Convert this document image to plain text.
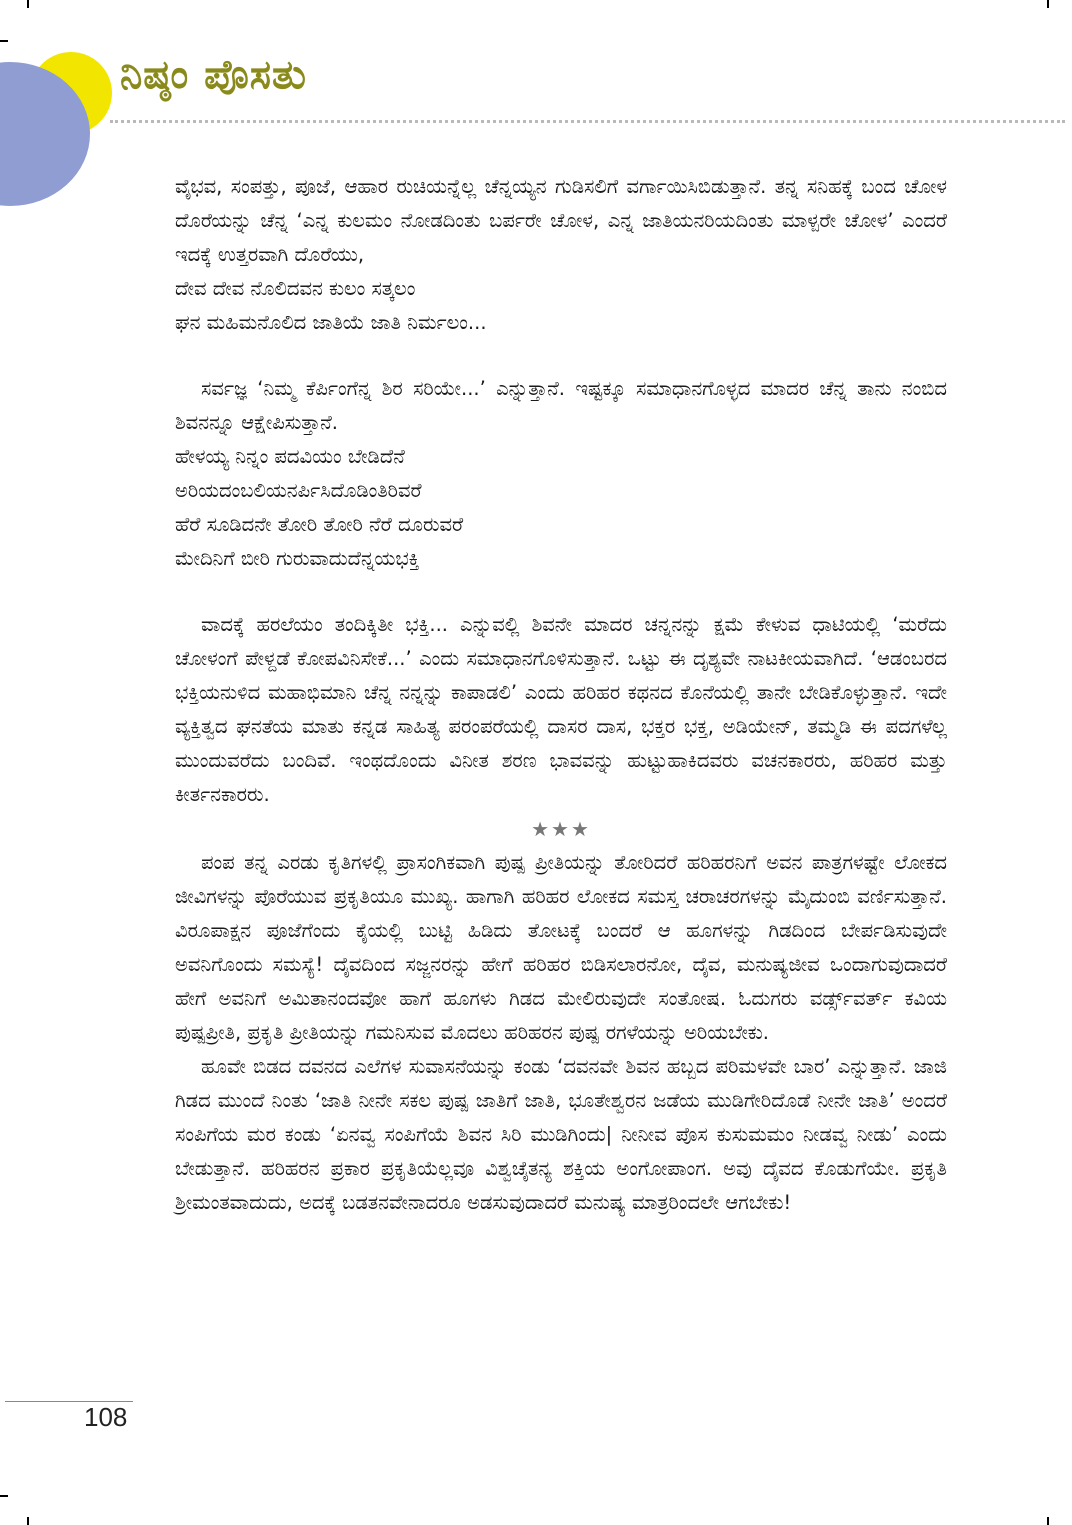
ನಿಷ್ಠಂ ಪೊಸತು

ವೈಭವ, ಸಂಪತ್ತು, ಪೂಜೆ, ಆಹಾರ ರುಚಿಯನ್ನೆಲ್ಲ ಚೆನ್ನಯ್ಯನ ಗುಡಿಸಲಿಗೆ ವರ್ಗಾಯಿಸಿಬಿಡುತ್ತಾನೆ. ತನ್ನ ಸನಿಹಕ್ಕೆ ಬಂದ ಚೋಳ ದೊರೆಯನ್ನು ಚೆನ್ನ ‘ಎನ್ನ ಕುಲಮಂ ನೋಡದಿಂತು ಬರ್ಪರೇ ಚೋಳ, ಎನ್ನ ಜಾತಿಯನರಿಯದಿಂತು ಮಾಳ್ಪರೇ ಚೋಳ’ ಎಂದರೆ ಇದಕ್ಕೆ ಉತ್ತರವಾಗಿ ದೊರೆಯು,

ದೇವ ದೇವ ನೊಲಿದವನ ಕುಲಂ ಸತ್ಕಲಂ

ಘನ ಮಹಿಮನೊಲಿದ ಜಾತಿಯೆ ಜಾತಿ ನಿರ್ಮಲಂ...

ಸರ್ವಜ್ಞ ‘ನಿಮ್ಮ ಕೆರ್ಪಿಂಗೆನ್ನ ಶಿರ ಸರಿಯೇ...’ ಎನ್ನುತ್ತಾನೆ. ಇಷ್ಟಕ್ಕೂ ಸಮಾಧಾನಗೊಳ್ಳದ ಮಾದರ ಚೆನ್ನ ತಾನು ನಂಬಿದ ಶಿವನನ್ನೂ ಆಕ್ಷೇಪಿಸುತ್ತಾನೆ.

ಹೇಳಯ್ಯ ನಿನ್ನಂ ಪದವಿಯಂ ಬೇಡಿದೆನೆ

ಅರಿಯದಂಬಲಿಯನರ್ಪಿಸಿದೊಡಿಂತಿರಿವರೆ

ಹೆರೆ ಸೂಡಿದನೇ ತೋರಿ ತೋರಿ ನೆರೆ ದೂರುವರೆ

ಮೇದಿನಿಗೆ ಬೀರಿ ಗುರುವಾದುದೆನ್ನಯಭಕ್ತಿ

ವಾದಕ್ಕೆ ಹರಲೆಯಂ ತಂದಿಕ್ಕಿತೀ ಭಕ್ತಿ... ಎನ್ನುವಲ್ಲಿ ಶಿವನೇ ಮಾದರ ಚನ್ನನನ್ನು ಕ್ಷಮೆ ಕೇಳುವ ಧಾಟಿಯಲ್ಲಿ ‘ಮರೆದು ಚೋಳಂಗೆ ಪೇಳ್ದಡೆ ಕೋಪವಿನಿಸೇಕೆ...’ ಎಂದು ಸಮಾಧಾನಗೊಳಿಸುತ್ತಾನೆ. ಒಟ್ಟು ಈ ದೃಶ್ಯವೇ ನಾಟಕೀಯವಾಗಿದೆ. ‘ಆಡಂಬರದ ಭಕ್ತಿಯನುಳಿದ ಮಹಾಭಿಮಾನಿ ಚೆನ್ನ ನನ್ನನ್ನು ಕಾಪಾಡಲಿ’ ಎಂದು ಹರಿಹರ ಕಥನದ ಕೊನೆಯಲ್ಲಿ ತಾನೇ ಬೇಡಿಕೊಳ್ಳುತ್ತಾನೆ. ಇದೇ ವ್ಯಕ್ತಿತ್ವದ ಘನತೆಯ ಮಾತು ಕನ್ನಡ ಸಾಹಿತ್ಯ ಪರಂಪರೆಯಲ್ಲಿ ದಾಸರ ದಾಸ, ಭಕ್ತರ ಭಕ್ತ, ಅಡಿಯೇನ್, ತಮ್ಮಡಿ ಈ ಪದಗಳೆಲ್ಲ ಮುಂದುವರೆದು ಬಂದಿವೆ. ಇಂಥದೊಂದು ವಿನೀತ ಶರಣ ಭಾವವನ್ನು ಹುಟ್ಟುಹಾಕಿದವರು ವಚನಕಾರರು, ಹರಿಹರ ಮತ್ತು ಕೀರ್ತನಕಾರರು.

★★★

ಪಂಪ ತನ್ನ ಎರಡು ಕೃತಿಗಳಲ್ಲಿ ಪ್ರಾಸಂಗಿಕವಾಗಿ ಪುಷ್ಪ ಪ್ರೀತಿಯನ್ನು ತೋರಿದರೆ ಹರಿಹರನಿಗೆ ಅವನ ಪಾತ್ರಗಳಷ್ಟೇ ಲೋಕದ ಜೀವಿಗಳನ್ನು ಪೊರೆಯುವ ಪ್ರಕೃತಿಯೂ ಮುಖ್ಯ. ಹಾಗಾಗಿ ಹರಿಹರ ಲೋಕದ ಸಮಸ್ತ ಚರಾಚರಗಳನ್ನು ಮೈದುಂಬಿ ವರ್ಣಿಸುತ್ತಾನೆ. ವಿರೂಪಾಕ್ಷನ ಪೂಜೆಗೆಂದು ಕೈಯಲ್ಲಿ ಬುಟ್ಟಿ ಹಿಡಿದು ತೋಟಕ್ಕೆ ಬಂದರೆ ಆ ಹೂಗಳನ್ನು ಗಿಡದಿಂದ ಬೇರ್ಪಡಿಸುವುದೇ ಅವನಿಗೊಂದು ಸಮಸ್ಯೆ! ದೈವದಿಂದ ಸಜ್ಜನರನ್ನು ಹೇಗೆ ಹರಿಹರ ಬಿಡಿಸಲಾರನೋ, ದೈವ, ಮನುಷ್ಯಜೀವ ಒಂದಾಗುವುದಾದರೆ ಹೇಗೆ ಅವನಿಗೆ ಅಮಿತಾನಂದವೋ ಹಾಗೆ ಹೂಗಳು ಗಿಡದ ಮೇಲಿರುವುದೇ ಸಂತೋಷ. ಓದುಗರು ವರ್ಡ್ಸ್‌ವರ್ತ್ ಕವಿಯ ಪುಷ್ಪಪ್ರೀತಿ, ಪ್ರಕೃತಿ ಪ್ರೀತಿಯನ್ನು ಗಮನಿಸುವ ಮೊದಲು ಹರಿಹರನ ಪುಷ್ಪ ರಗಳೆಯನ್ನು ಅರಿಯಬೇಕು.

ಹೂವೇ ಬಿಡದ ದವನದ ಎಲೆಗಳ ಸುವಾಸನೆಯನ್ನು ಕಂಡು ‘ದವನವೇ ಶಿವನ ಹಬ್ಬದ ಪರಿಮಳವೇ ಬಾರ’ ಎನ್ನುತ್ತಾನೆ. ಜಾಜಿ ಗಿಡದ ಮುಂದೆ ನಿಂತು ‘ಜಾತಿ ನೀನೇ ಸಕಲ ಪುಷ್ಪ ಜಾತಿಗೆ ಜಾತಿ, ಭೂತೇಶ್ವರನ ಜಡೆಯ ಮುಡಿಗೇರಿದೊಡೆ ನೀನೇ ಜಾತಿ’ ಅಂದರೆ ಸಂಪಿಗೆಯ ಮರ ಕಂಡು ‘ಏನವ್ವ ಸಂಪಿಗೆಯೆ ಶಿವನ ಸಿರಿ ಮುಡಿಗಿಂದು| ನೀನೀವ ಪೊಸ ಕುಸುಮಮಂ ನೀಡವ್ವ ನೀಡು’ ಎಂದು ಬೇಡುತ್ತಾನೆ. ಹರಿಹರನ ಪ್ರಕಾರ ಪ್ರಕೃತಿಯೆಲ್ಲವೂ ವಿಶ್ವಚೈತನ್ಯ ಶಕ್ತಿಯ ಅಂಗೋಪಾಂಗ. ಅವು ದೈವದ ಕೊಡುಗೆಯೇ. ಪ್ರಕೃತಿ ಶ್ರೀಮಂತವಾದುದು, ಅದಕ್ಕೆ ಬಡತನವೇನಾದರೂ ಅಡಸುವುದಾದರೆ ಮನುಷ್ಯ ಮಾತ್ರರಿಂದಲೇ ಆಗಬೇಕು!

108
